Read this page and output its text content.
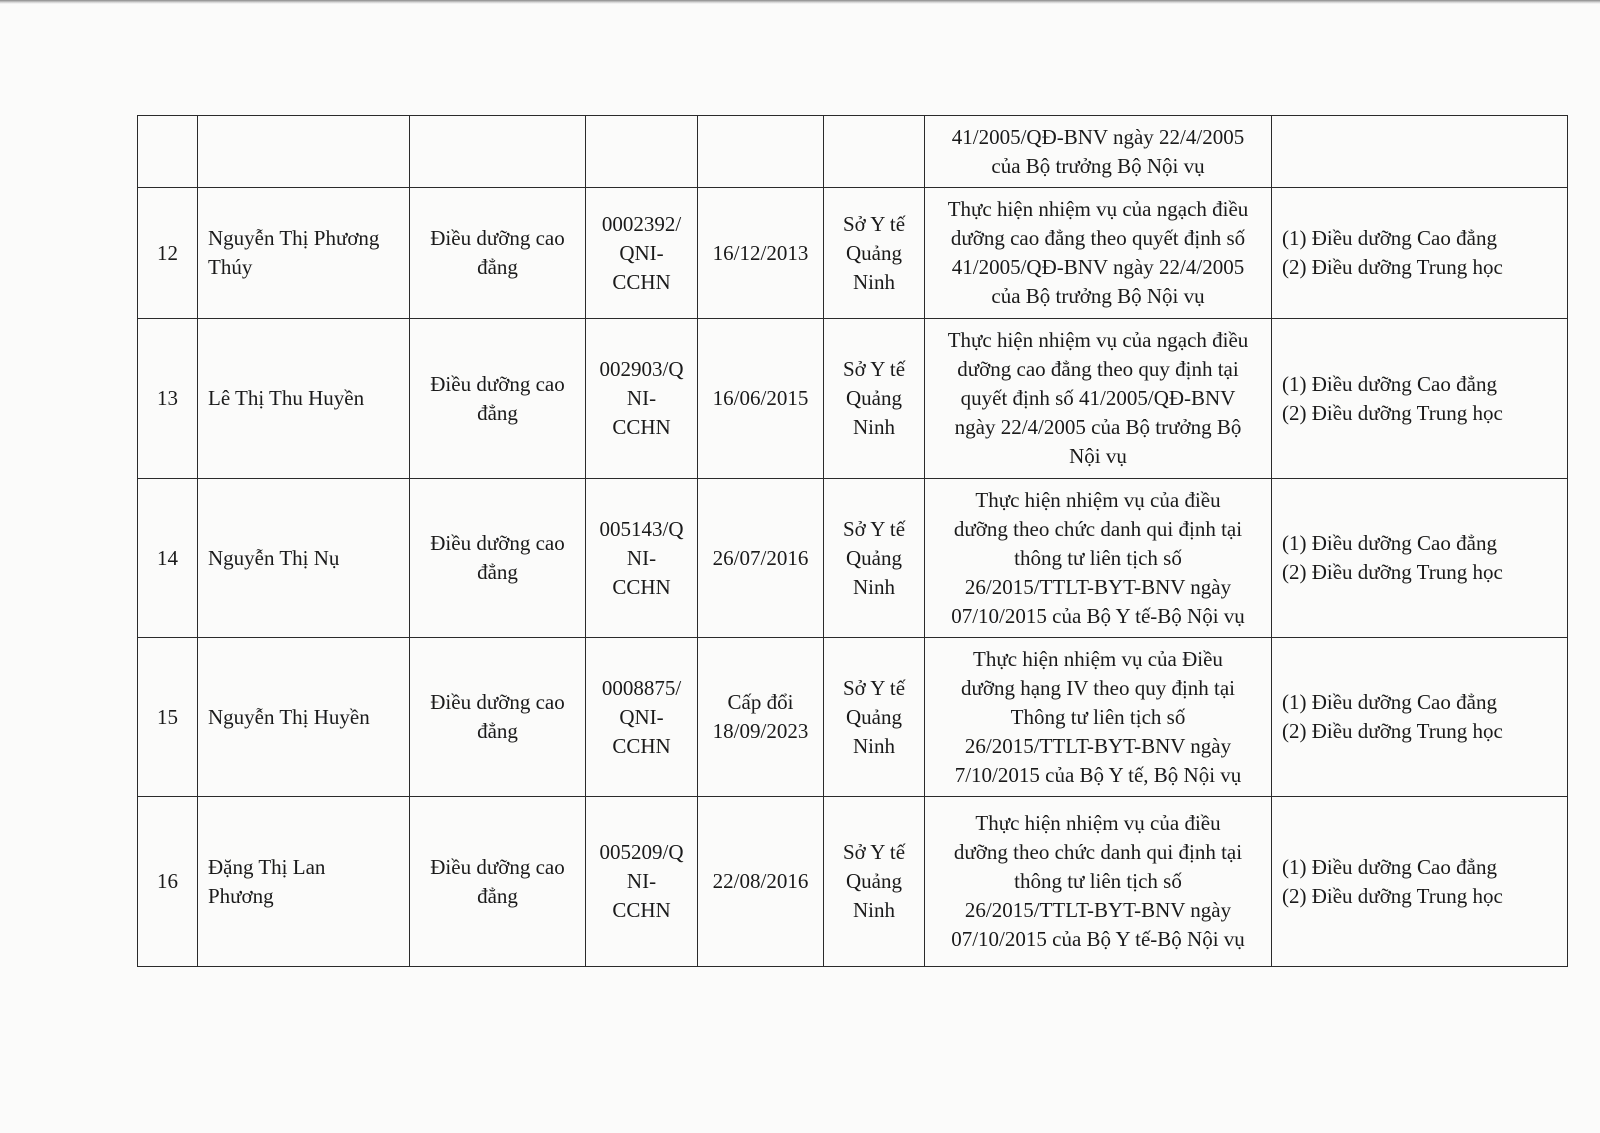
						41/2005/QĐ-BNV ngày 22/4/2005
của Bộ trưởng Bộ Nội vụ	

12	Nguyễn Thị Phương
Thúy	Điều dưỡng cao
đẳng	0002392/
QNI-
CCHN	16/12/2013	Sở Y tế
Quảng
Ninh	Thực hiện nhiệm vụ của ngạch điều
dưỡng cao đẳng theo quyết định số
41/2005/QĐ-BNV ngày 22/4/2005
của Bộ trưởng Bộ Nội vụ	(1) Điều dưỡng Cao đẳng
(2) Điều dưỡng Trung học

13	Lê Thị Thu Huyền	Điều dưỡng cao
đẳng	002903/Q
NI-
CCHN	16/06/2015	Sở Y tế
Quảng
Ninh	Thực hiện nhiệm vụ của ngạch điều
dưỡng cao đẳng theo quy định tại
quyết định số 41/2005/QĐ-BNV
ngày 22/4/2005 của Bộ trưởng Bộ
Nội vụ	(1) Điều dưỡng Cao đẳng
(2) Điều dưỡng Trung học

14	Nguyễn Thị Nụ	Điều dưỡng cao
đẳng	005143/Q
NI-
CCHN	26/07/2016	Sở Y tế
Quảng
Ninh	Thực hiện nhiệm vụ của điều
dưỡng theo chức danh qui định tại
thông tư liên tịch số
26/2015/TTLT-BYT-BNV ngày
07/10/2015 của Bộ Y tế-Bộ Nội vụ	(1) Điều dưỡng Cao đẳng
(2) Điều dưỡng Trung học

15	Nguyễn Thị Huyền	Điều dưỡng cao
đẳng	0008875/
QNI-
CCHN	Cấp đổi
18/09/2023	Sở Y tế
Quảng
Ninh	Thực hiện nhiệm vụ của Điều
dưỡng hạng IV theo quy định tại
Thông tư liên tịch số
26/2015/TTLT-BYT-BNV ngày
7/10/2015 của Bộ Y tế, Bộ Nội vụ	(1) Điều dưỡng Cao đẳng
(2) Điều dưỡng Trung học

16	Đặng Thị Lan
Phương	Điều dưỡng cao
đẳng	005209/Q
NI-
CCHN	22/08/2016	Sở Y tế
Quảng
Ninh	Thực hiện nhiệm vụ của điều
dưỡng theo chức danh qui định tại
thông tư liên tịch số
26/2015/TTLT-BYT-BNV ngày
07/10/2015 của Bộ Y tế-Bộ Nội vụ	(1) Điều dưỡng Cao đẳng
(2) Điều dưỡng Trung học
